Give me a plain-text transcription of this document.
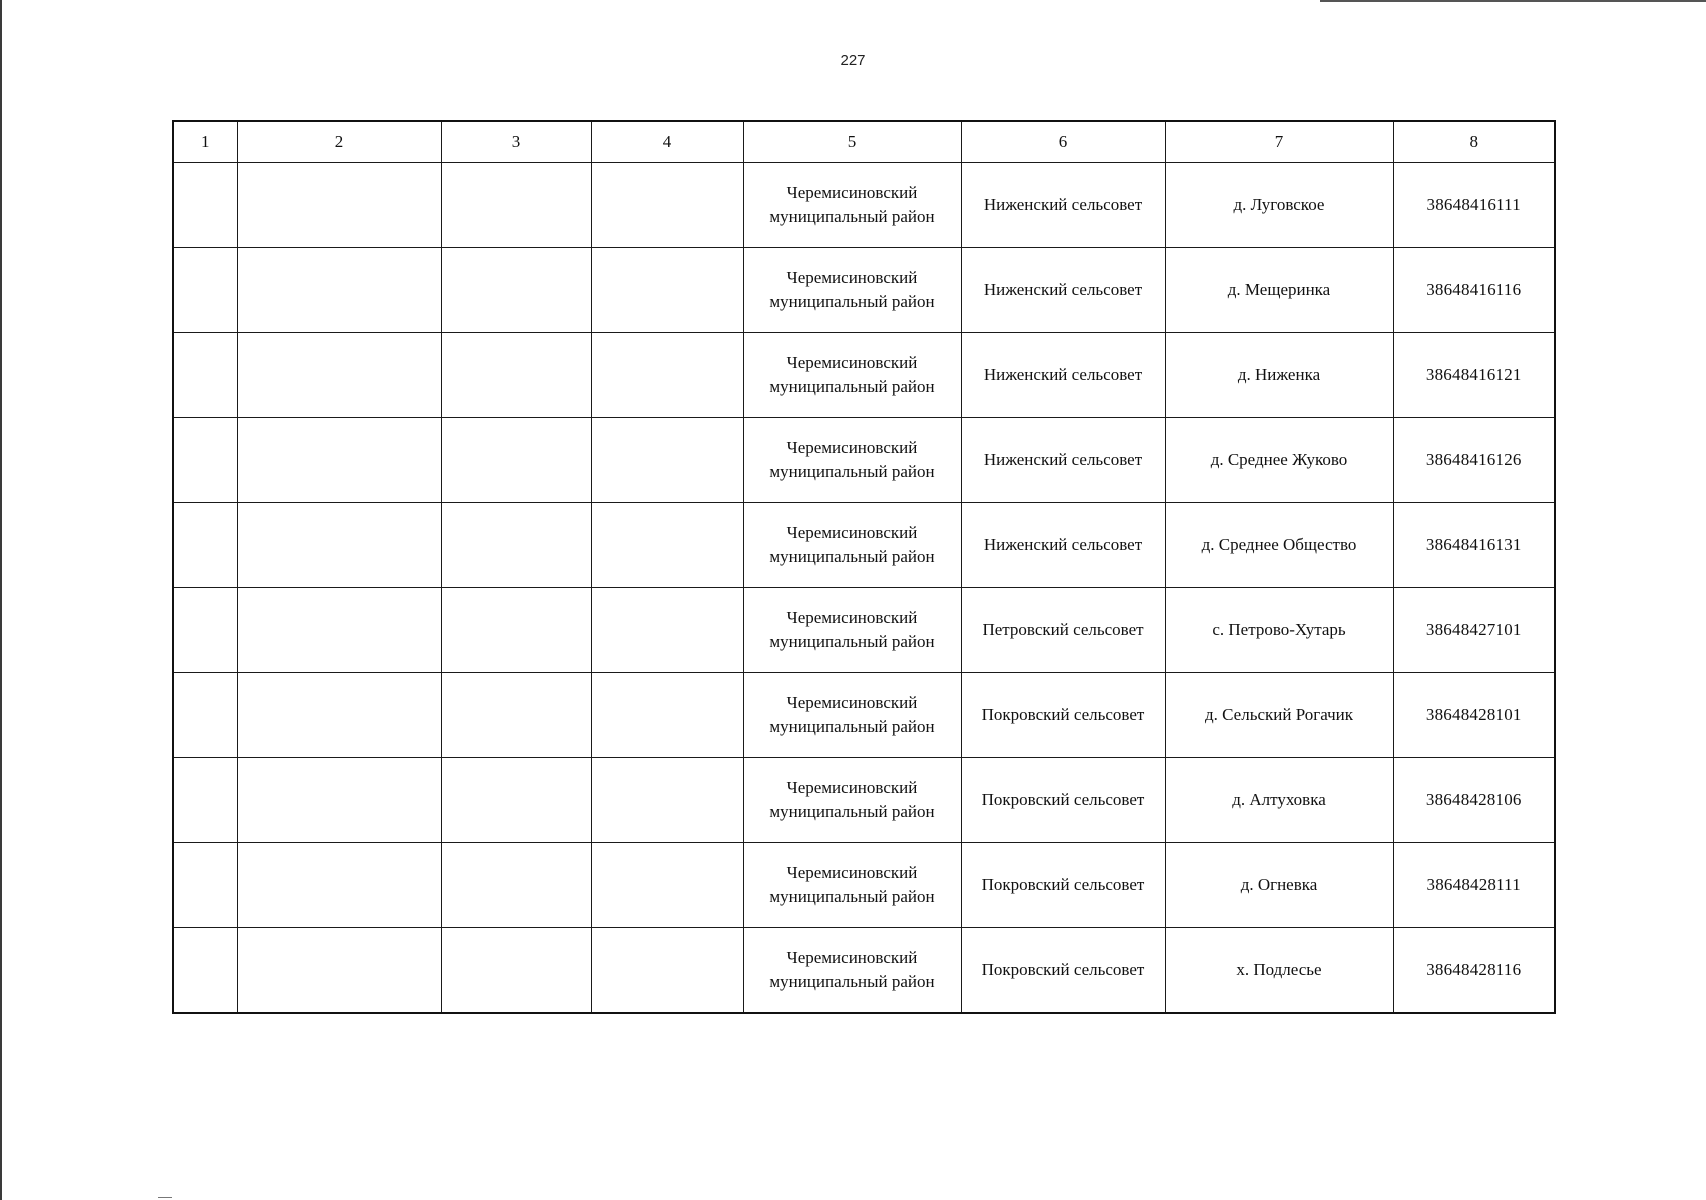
227
1	2	3	4	5	6	7	8
				Черемисиновский муниципальный район	Ниженский сельсовет	д. Луговское	38648416111
				Черемисиновский муниципальный район	Ниженский сельсовет	д. Мещеринка	38648416116
				Черемисиновский муниципальный район	Ниженский сельсовет	д. Ниженка	38648416121
				Черемисиновский муниципальный район	Ниженский сельсовет	д. Среднее Жуково	38648416126
				Черемисиновский муниципальный район	Ниженский сельсовет	д. Среднее Общество	38648416131
				Черемисиновский муниципальный район	Петровский сельсовет	с. Петрово-Хутарь	38648427101
				Черемисиновский муниципальный район	Покровский сельсовет	д. Сельский Рогачик	38648428101
				Черемисиновский муниципальный район	Покровский сельсовет	д. Алтуховка	38648428106
				Черемисиновский муниципальный район	Покровский сельсовет	д. Огневка	38648428111
				Черемисиновский муниципальный район	Покровский сельсовет	х. Подлесье	38648428116
